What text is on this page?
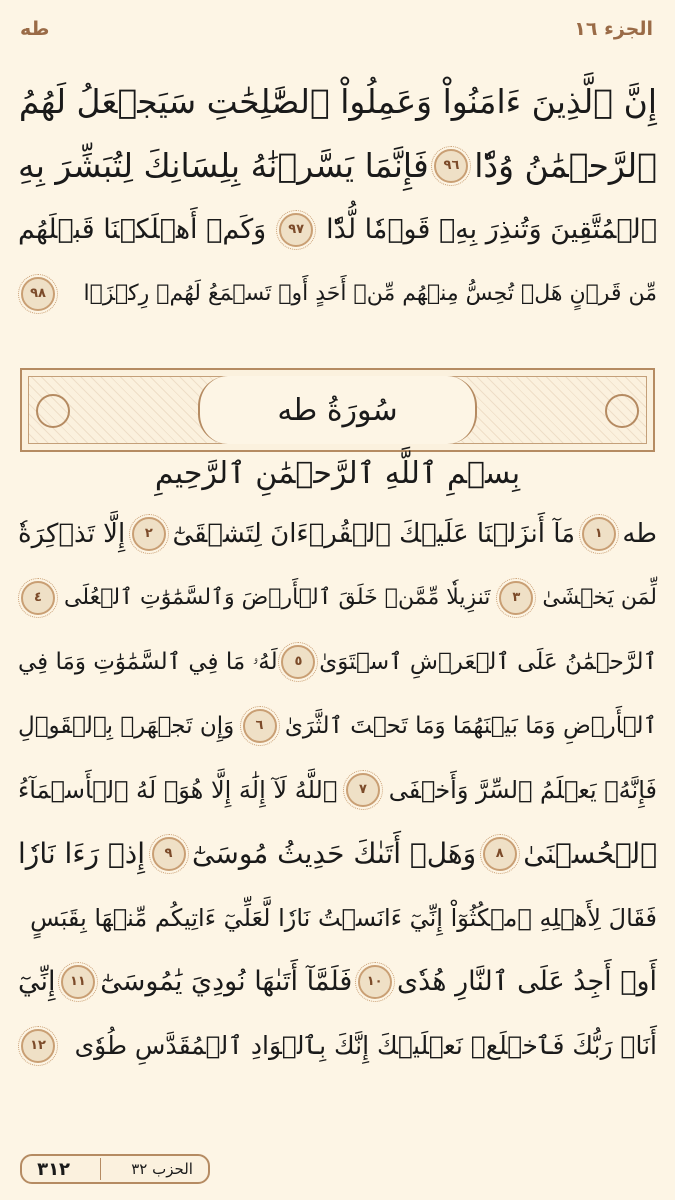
طه	الجزء ١٦
إِنَّ ٱلَّذِينَ ءَامَنُواْ وَعَمِلُواْ ٱلصَّٰلِحَٰتِ سَيَجۡعَلُ لَهُمُ
ٱلرَّحۡمَٰنُ وُدّٗا
٩٦
فَإِنَّمَا يَسَّرۡنَٰهُ بِلِسَانِكَ لِتُبَشِّرَ بِهِ
ٱلۡمُتَّقِينَ وَتُنذِرَ بِهِۦ قَوۡمٗا لُّدّٗا
٩٧
وَكَمۡ أَهۡلَكۡنَا قَبۡلَهُم
مِّن قَرۡنٍ هَلۡ تُحِسُّ مِنۡهُم مِّنۡ أَحَدٍ أَوۡ تَسۡمَعُ لَهُمۡ رِكۡزَۢا
٩٨
سُورَةُ طه
بِسۡمِ ٱللَّهِ ٱلرَّحۡمَٰنِ ٱلرَّحِيمِ
طه
١
مَآ أَنزَلۡنَا عَلَيۡكَ ٱلۡقُرۡءَانَ لِتَشۡقَىٰٓ
٢
إِلَّا تَذۡكِرَةٗ
لِّمَن يَخۡشَىٰ
٣
تَنزِيلٗا مِّمَّنۡ خَلَقَ ٱلۡأَرۡضَ وَٱلسَّمَٰوَٰتِ ٱلۡعُلَى
٤
ٱلرَّحۡمَٰنُ عَلَى ٱلۡعَرۡشِ ٱسۡتَوَىٰ
٥
لَهُۥ مَا فِي ٱلسَّمَٰوَٰتِ وَمَا فِي
ٱلۡأَرۡضِ وَمَا بَيۡنَهُمَا وَمَا تَحۡتَ ٱلثَّرَىٰ
٦
وَإِن تَجۡهَرۡ بِٱلۡقَوۡلِ
فَإِنَّهُۥ يَعۡلَمُ ٱلسِّرَّ وَأَخۡفَى
٧
ٱللَّهُ لَآ إِلَٰهَ إِلَّا هُوَۖ لَهُ ٱلۡأَسۡمَآءُ
ٱلۡحُسۡنَىٰ
٨
وَهَلۡ أَتَىٰكَ حَدِيثُ مُوسَىٰٓ
٩
إِذۡ رَءَا نَارٗا
فَقَالَ لِأَهۡلِهِ ٱمۡكُثُوٓاْ إِنِّيٓ ءَانَسۡتُ نَارٗا لَّعَلِّيٓ ءَاتِيكُم مِّنۡهَا بِقَبَسٍ
أَوۡ أَجِدُ عَلَى ٱلنَّارِ هُدٗى
١٠
فَلَمَّآ أَتَىٰهَا نُودِيَ يَٰمُوسَىٰٓ
١١
إِنِّيٓ
أَنَا۠ رَبُّكَ فَٱخۡلَعۡ نَعۡلَيۡكَ إِنَّكَ بِٱلۡوَادِ ٱلۡمُقَدَّسِ طُوٗى
١٢
الحزب ٣٢
٣١٢
